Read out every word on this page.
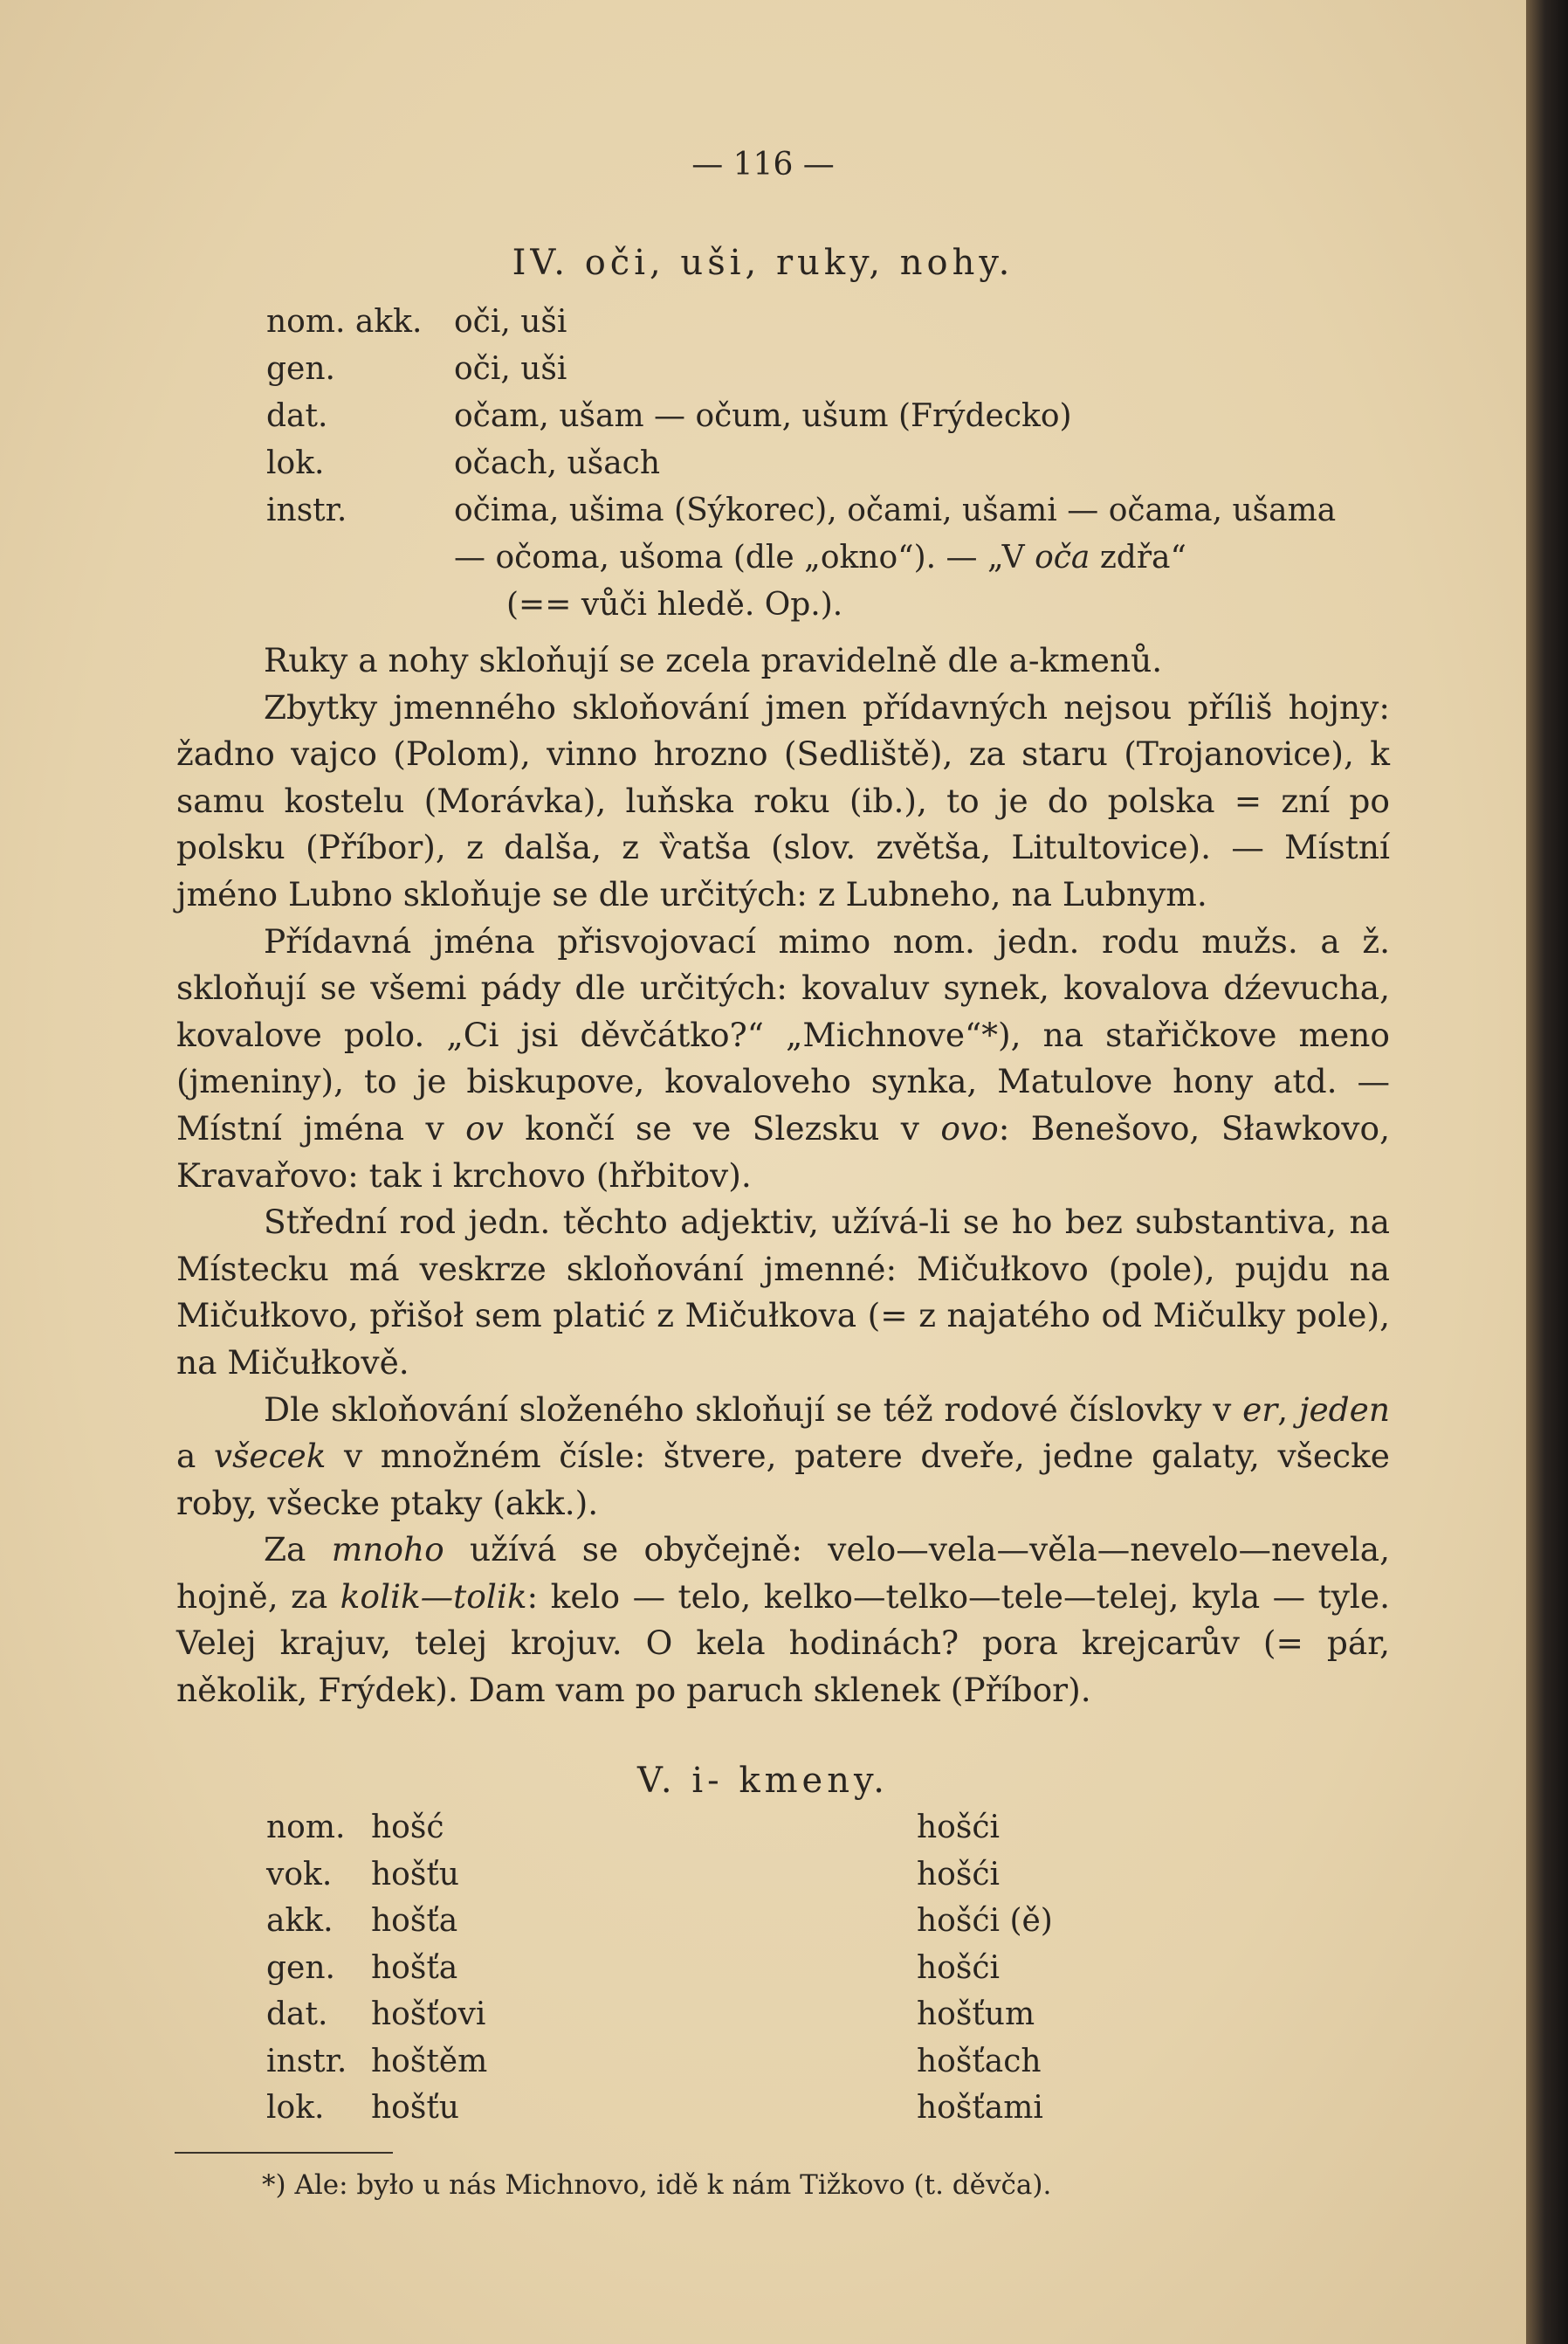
— 116 —
IV. oči, uši, ruky, nohy.
nom. akk.	oči, uši
gen.	oči, uši
dat.	očam, ušam — očum, ušum (Frýdecko)
lok.	očach, ušach
instr.	očima, ušima (Sýkorec), očami, ušami — očama, ušama
— očoma, ušoma (dle „okno“). — „V oča zdřa“
(== vůči hledě. Op.).

Ruky a nohy skloňují se zcela pravidelně dle a-kmenů.

Zbytky jmenného skloňování jmen přídavných nejsou příliš hojny: žadno vajco (Polom), vinno hrozno (Sedliště), za staru (Trojanovice), k samu kostelu (Morávka), luňska roku (ib.), to je do polska = zní po polsku (Příbor), z dalša, z ѷatša (slov. zvětša, Litultovice). — Místní jméno Lubno skloňuje se dle určitých: z Lubneho, na Lubnym.

Přídavná jména přisvojovací mimo nom. jedn. rodu mužs. a ž. skloňují se všemi pády dle určitých: kovaluv synek, kovalova dźevucha, kovalove polo. „Ci jsi děvčátko?“ „Michnove“*), na stařičkove meno (jmeniny), to je biskupove, kovaloveho synka, Matulove hony atd. — Místní jména v ov končí se ve Slezsku v ovo: Benešovo, Sławkovo, Kravařovo: tak i krchovo (hřbitov).

Střední rod jedn. těchto adjektiv, užívá-li se ho bez substantiva, na Místecku má veskrze skloňování jmenné: Mičułkovo (pole), pujdu na Mičułkovo, přišoł sem platić z Mičułkova (= z najatého od Mičulky pole), na Mičułkově.

Dle skloňování složeného skloňují se též rodové číslovky v er, jeden a všecek v množném čísle: štvere, patere dveře, jedne galaty, všecke roby, všecke ptaky (akk.).

Za mnoho užívá se obyčejně: velo—vela—věla—nevelo—nevela, hojně, za kolik—tolik: kelo — telo, kelko—telko—tele—telej, kyla — tyle. Velej krajuv, telej krojuv. O kela hodinách? pora krejcarův (= pár, několik, Frýdek). Dam vam po paruch sklenek (Příbor).

V. i- kmeny.
nom. hošć	hošći
vok.	hošťu	hošći
akk.	hošťa	hošći (ě)
gen.	hošťa	hošći
dat.	hošťovi	hošťum
instr. hoštěm	hošťach
lok.	hošťu	hošťami
*) Ale: było u nás Michnovo, idě k nám Tižkovo (t. děvča).
